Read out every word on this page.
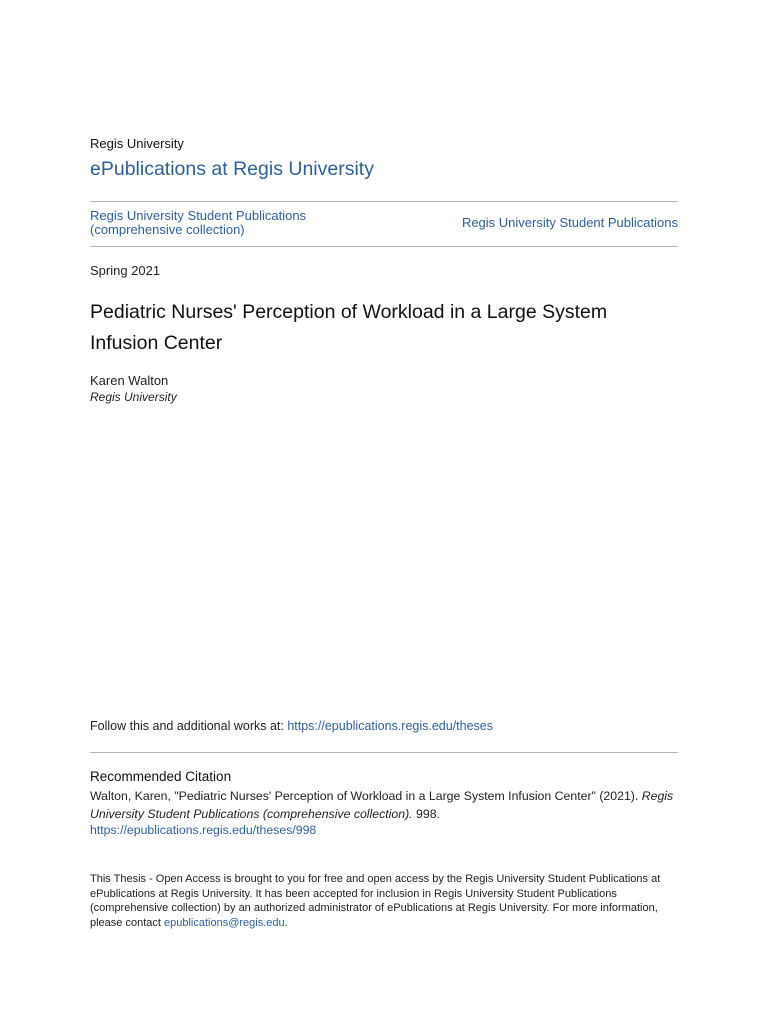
Regis University
ePublications at Regis University
Regis University Student Publications
(comprehensive collection)	Regis University Student Publications
Spring 2021
Pediatric Nurses' Perception of Workload in a Large System Infusion Center
Karen Walton
Regis University
Follow this and additional works at: https://epublications.regis.edu/theses
Recommended Citation
Walton, Karen, "Pediatric Nurses' Perception of Workload in a Large System Infusion Center" (2021). Regis University Student Publications (comprehensive collection). 998.
https://epublications.regis.edu/theses/998
This Thesis - Open Access is brought to you for free and open access by the Regis University Student Publications at ePublications at Regis University. It has been accepted for inclusion in Regis University Student Publications (comprehensive collection) by an authorized administrator of ePublications at Regis University. For more information, please contact epublications@regis.edu.
